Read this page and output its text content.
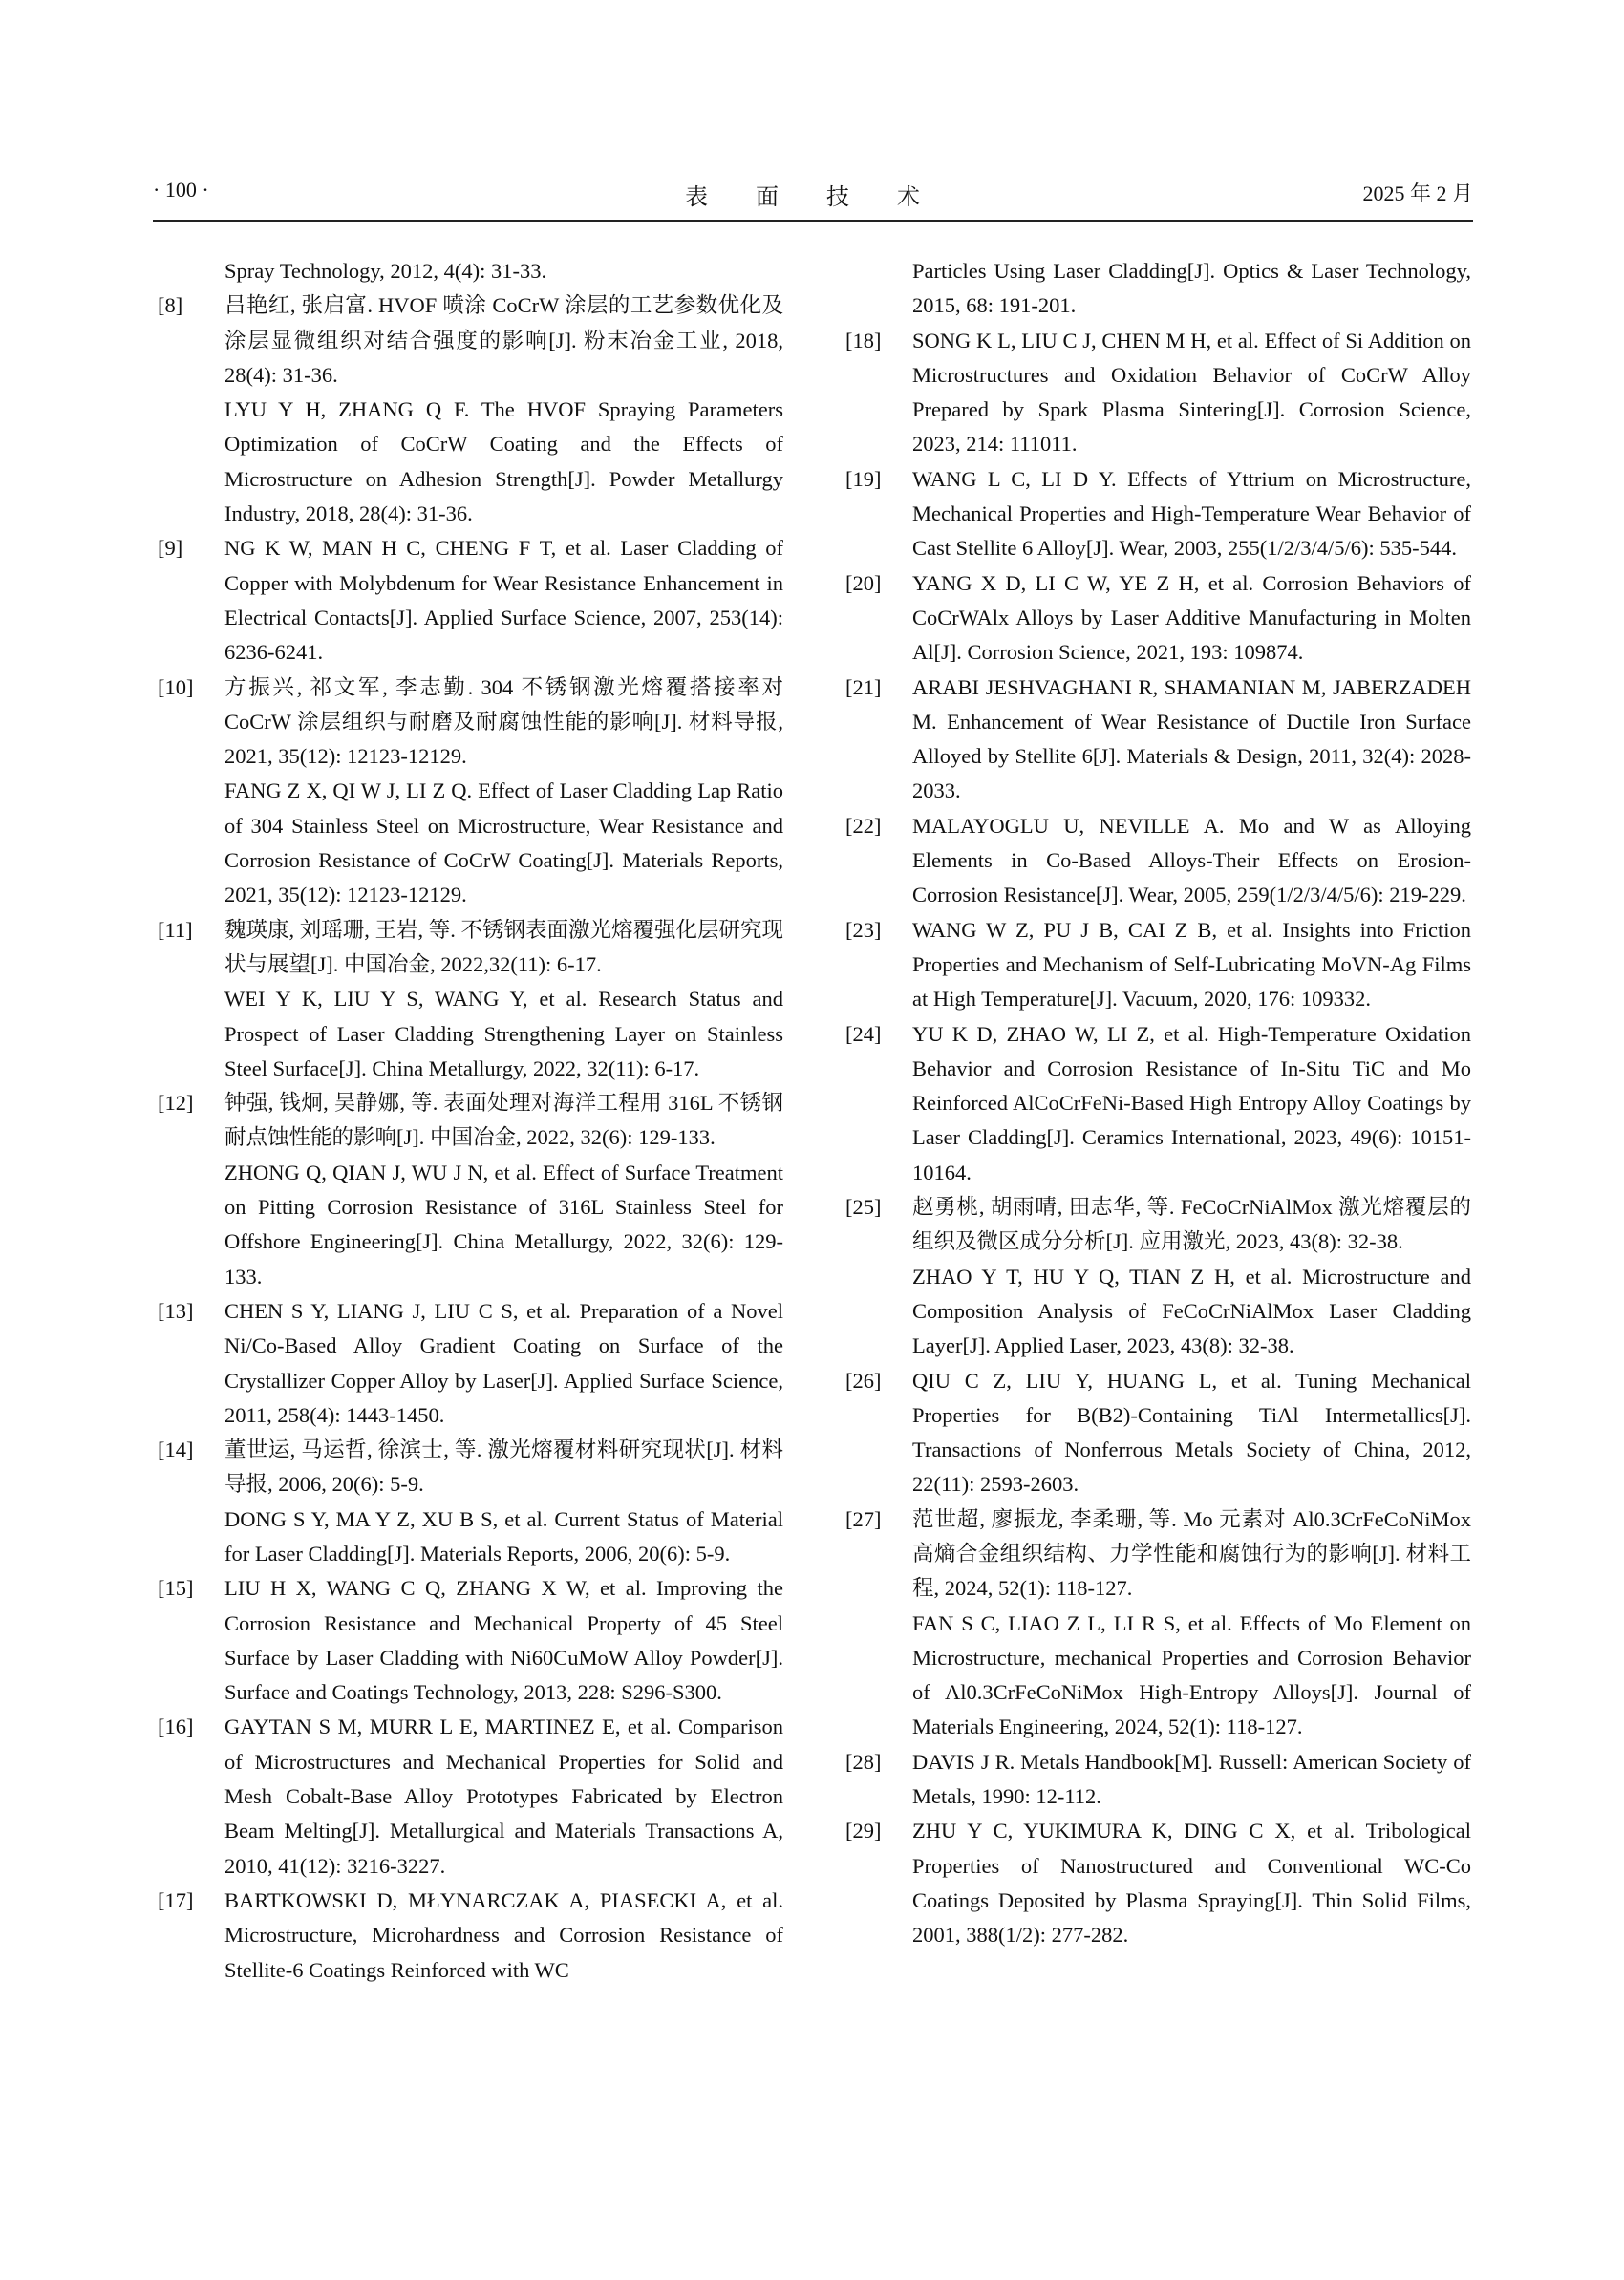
· 100 ·	表 面 技 术	2025 年 2 月

Spray Technology, 2012, 4(4): 31-33.

[8] 吕艳红, 张启富. HVOF 喷涂 CoCrW 涂层的工艺参数优化及涂层显微组织对结合强度的影响[J]. 粉末冶金工业, 2018, 28(4): 31-36.

LYU Y H, ZHANG Q F. The HVOF Spraying Parameters Optimization of CoCrW Coating and the Effects of Microstructure on Adhesion Strength[J]. Powder Metallurgy Industry, 2018, 28(4): 31-36.

[9] NG K W, MAN H C, CHENG F T, et al. Laser Cladding of Copper with Molybdenum for Wear Resistance Enhancement in Electrical Contacts[J]. Applied Surface Science, 2007, 253(14): 6236-6241.

[10] 方振兴, 祁文军, 李志勤. 304 不锈钢激光熔覆搭接率对 CoCrW 涂层组织与耐磨及耐腐蚀性能的影响[J]. 材料导报, 2021, 35(12): 12123-12129.

FANG Z X, QI W J, LI Z Q. Effect of Laser Cladding Lap Ratio of 304 Stainless Steel on Microstructure, Wear Resistance and Corrosion Resistance of CoCrW Coating[J]. Materials Reports, 2021, 35(12): 12123-12129.

[11] 魏瑛康, 刘瑶珊, 王岩, 等. 不锈钢表面激光熔覆强化层研究现状与展望[J]. 中国冶金, 2022,32(11): 6-17.

WEI Y K, LIU Y S, WANG Y, et al. Research Status and Prospect of Laser Cladding Strengthening Layer on Stainless Steel Surface[J]. China Metallurgy, 2022, 32(11): 6-17.

[12] 钟强, 钱炯, 吴静娜, 等. 表面处理对海洋工程用 316L 不锈钢耐点蚀性能的影响[J]. 中国冶金, 2022, 32(6): 129-133.

ZHONG Q, QIAN J, WU J N, et al. Effect of Surface Treatment on Pitting Corrosion Resistance of 316L Stainless Steel for Offshore Engineering[J]. China Metallurgy, 2022, 32(6): 129-133.

[13] CHEN S Y, LIANG J, LIU C S, et al. Preparation of a Novel Ni/Co-Based Alloy Gradient Coating on Surface of the Crystallizer Copper Alloy by Laser[J]. Applied Surface Science, 2011, 258(4): 1443-1450.

[14] 董世运, 马运哲, 徐滨士, 等. 激光熔覆材料研究现状[J]. 材料导报, 2006, 20(6): 5-9.

DONG S Y, MA Y Z, XU B S, et al. Current Status of Material for Laser Cladding[J]. Materials Reports, 2006, 20(6): 5-9.

[15] LIU H X, WANG C Q, ZHANG X W, et al. Improving the Corrosion Resistance and Mechanical Property of 45 Steel Surface by Laser Cladding with Ni60CuMoW Alloy Powder[J]. Surface and Coatings Technology, 2013, 228: S296-S300.

[16] GAYTAN S M, MURR L E, MARTINEZ E, et al. Comparison of Microstructures and Mechanical Properties for Solid and Mesh Cobalt-Base Alloy Prototypes Fabricated by Electron Beam Melting[J]. Metallurgical and Materials Transactions A, 2010, 41(12): 3216-3227.

[17] BARTKOWSKI D, MŁYNARCZAK A, PIASECKI A, et al. Microstructure, Microhardness and Corrosion Resistance of Stellite-6 Coatings Reinforced with WC

Particles Using Laser Cladding[J]. Optics & Laser Technology, 2015, 68: 191-201.

[18] SONG K L, LIU C J, CHEN M H, et al. Effect of Si Addition on Microstructures and Oxidation Behavior of CoCrW Alloy Prepared by Spark Plasma Sintering[J]. Corrosion Science, 2023, 214: 111011.

[19] WANG L C, LI D Y. Effects of Yttrium on Microstructure, Mechanical Properties and High-Temperature Wear Behavior of Cast Stellite 6 Alloy[J]. Wear, 2003, 255(1/2/3/4/5/6): 535-544.

[20] YANG X D, LI C W, YE Z H, et al. Corrosion Behaviors of CoCrWAlx Alloys by Laser Additive Manufacturing in Molten Al[J]. Corrosion Science, 2021, 193: 109874.

[21] ARABI JESHVAGHANI R, SHAMANIAN M, JABERZADEH M. Enhancement of Wear Resistance of Ductile Iron Surface Alloyed by Stellite 6[J]. Materials & Design, 2011, 32(4): 2028-2033.

[22] MALAYOGLU U, NEVILLE A. Mo and W as Alloying Elements in Co-Based Alloys-Their Effects on Erosion-Corrosion Resistance[J]. Wear, 2005, 259(1/2/3/4/5/6): 219-229.

[23] WANG W Z, PU J B, CAI Z B, et al. Insights into Friction Properties and Mechanism of Self-Lubricating MoVN-Ag Films at High Temperature[J]. Vacuum, 2020, 176: 109332.

[24] YU K D, ZHAO W, LI Z, et al. High-Temperature Oxidation Behavior and Corrosion Resistance of In-Situ TiC and Mo Reinforced AlCoCrFeNi-Based High Entropy Alloy Coatings by Laser Cladding[J]. Ceramics International, 2023, 49(6): 10151-10164.

[25] 赵勇桃, 胡雨晴, 田志华, 等. FeCoCrNiAlMox 激光熔覆层的组织及微区成分分析[J]. 应用激光, 2023, 43(8): 32-38.

ZHAO Y T, HU Y Q, TIAN Z H, et al. Microstructure and Composition Analysis of FeCoCrNiAlMox Laser Cladding Layer[J]. Applied Laser, 2023, 43(8): 32-38.

[26] QIU C Z, LIU Y, HUANG L, et al. Tuning Mechanical Properties for B(B2)-Containing TiAl Intermetallics[J]. Transactions of Nonferrous Metals Society of China, 2012, 22(11): 2593-2603.

[27] 范世超, 廖振龙, 李柔珊, 等. Mo 元素对 Al0.3CrFeCoNiMox 高熵合金组织结构、力学性能和腐蚀行为的影响[J]. 材料工程, 2024, 52(1): 118-127.

FAN S C, LIAO Z L, LI R S, et al. Effects of Mo Element on Microstructure, mechanical Properties and Corrosion Behavior of Al0.3CrFeCoNiMox High-Entropy Alloys[J]. Journal of Materials Engineering, 2024, 52(1): 118-127.

[28] DAVIS J R. Metals Handbook[M]. Russell: American Society of Metals, 1990: 12-112.

[29] ZHU Y C, YUKIMURA K, DING C X, et al. Tribological Properties of Nanostructured and Conventional WC-Co Coatings Deposited by Plasma Spraying[J]. Thin Solid Films, 2001, 388(1/2): 277-282.
